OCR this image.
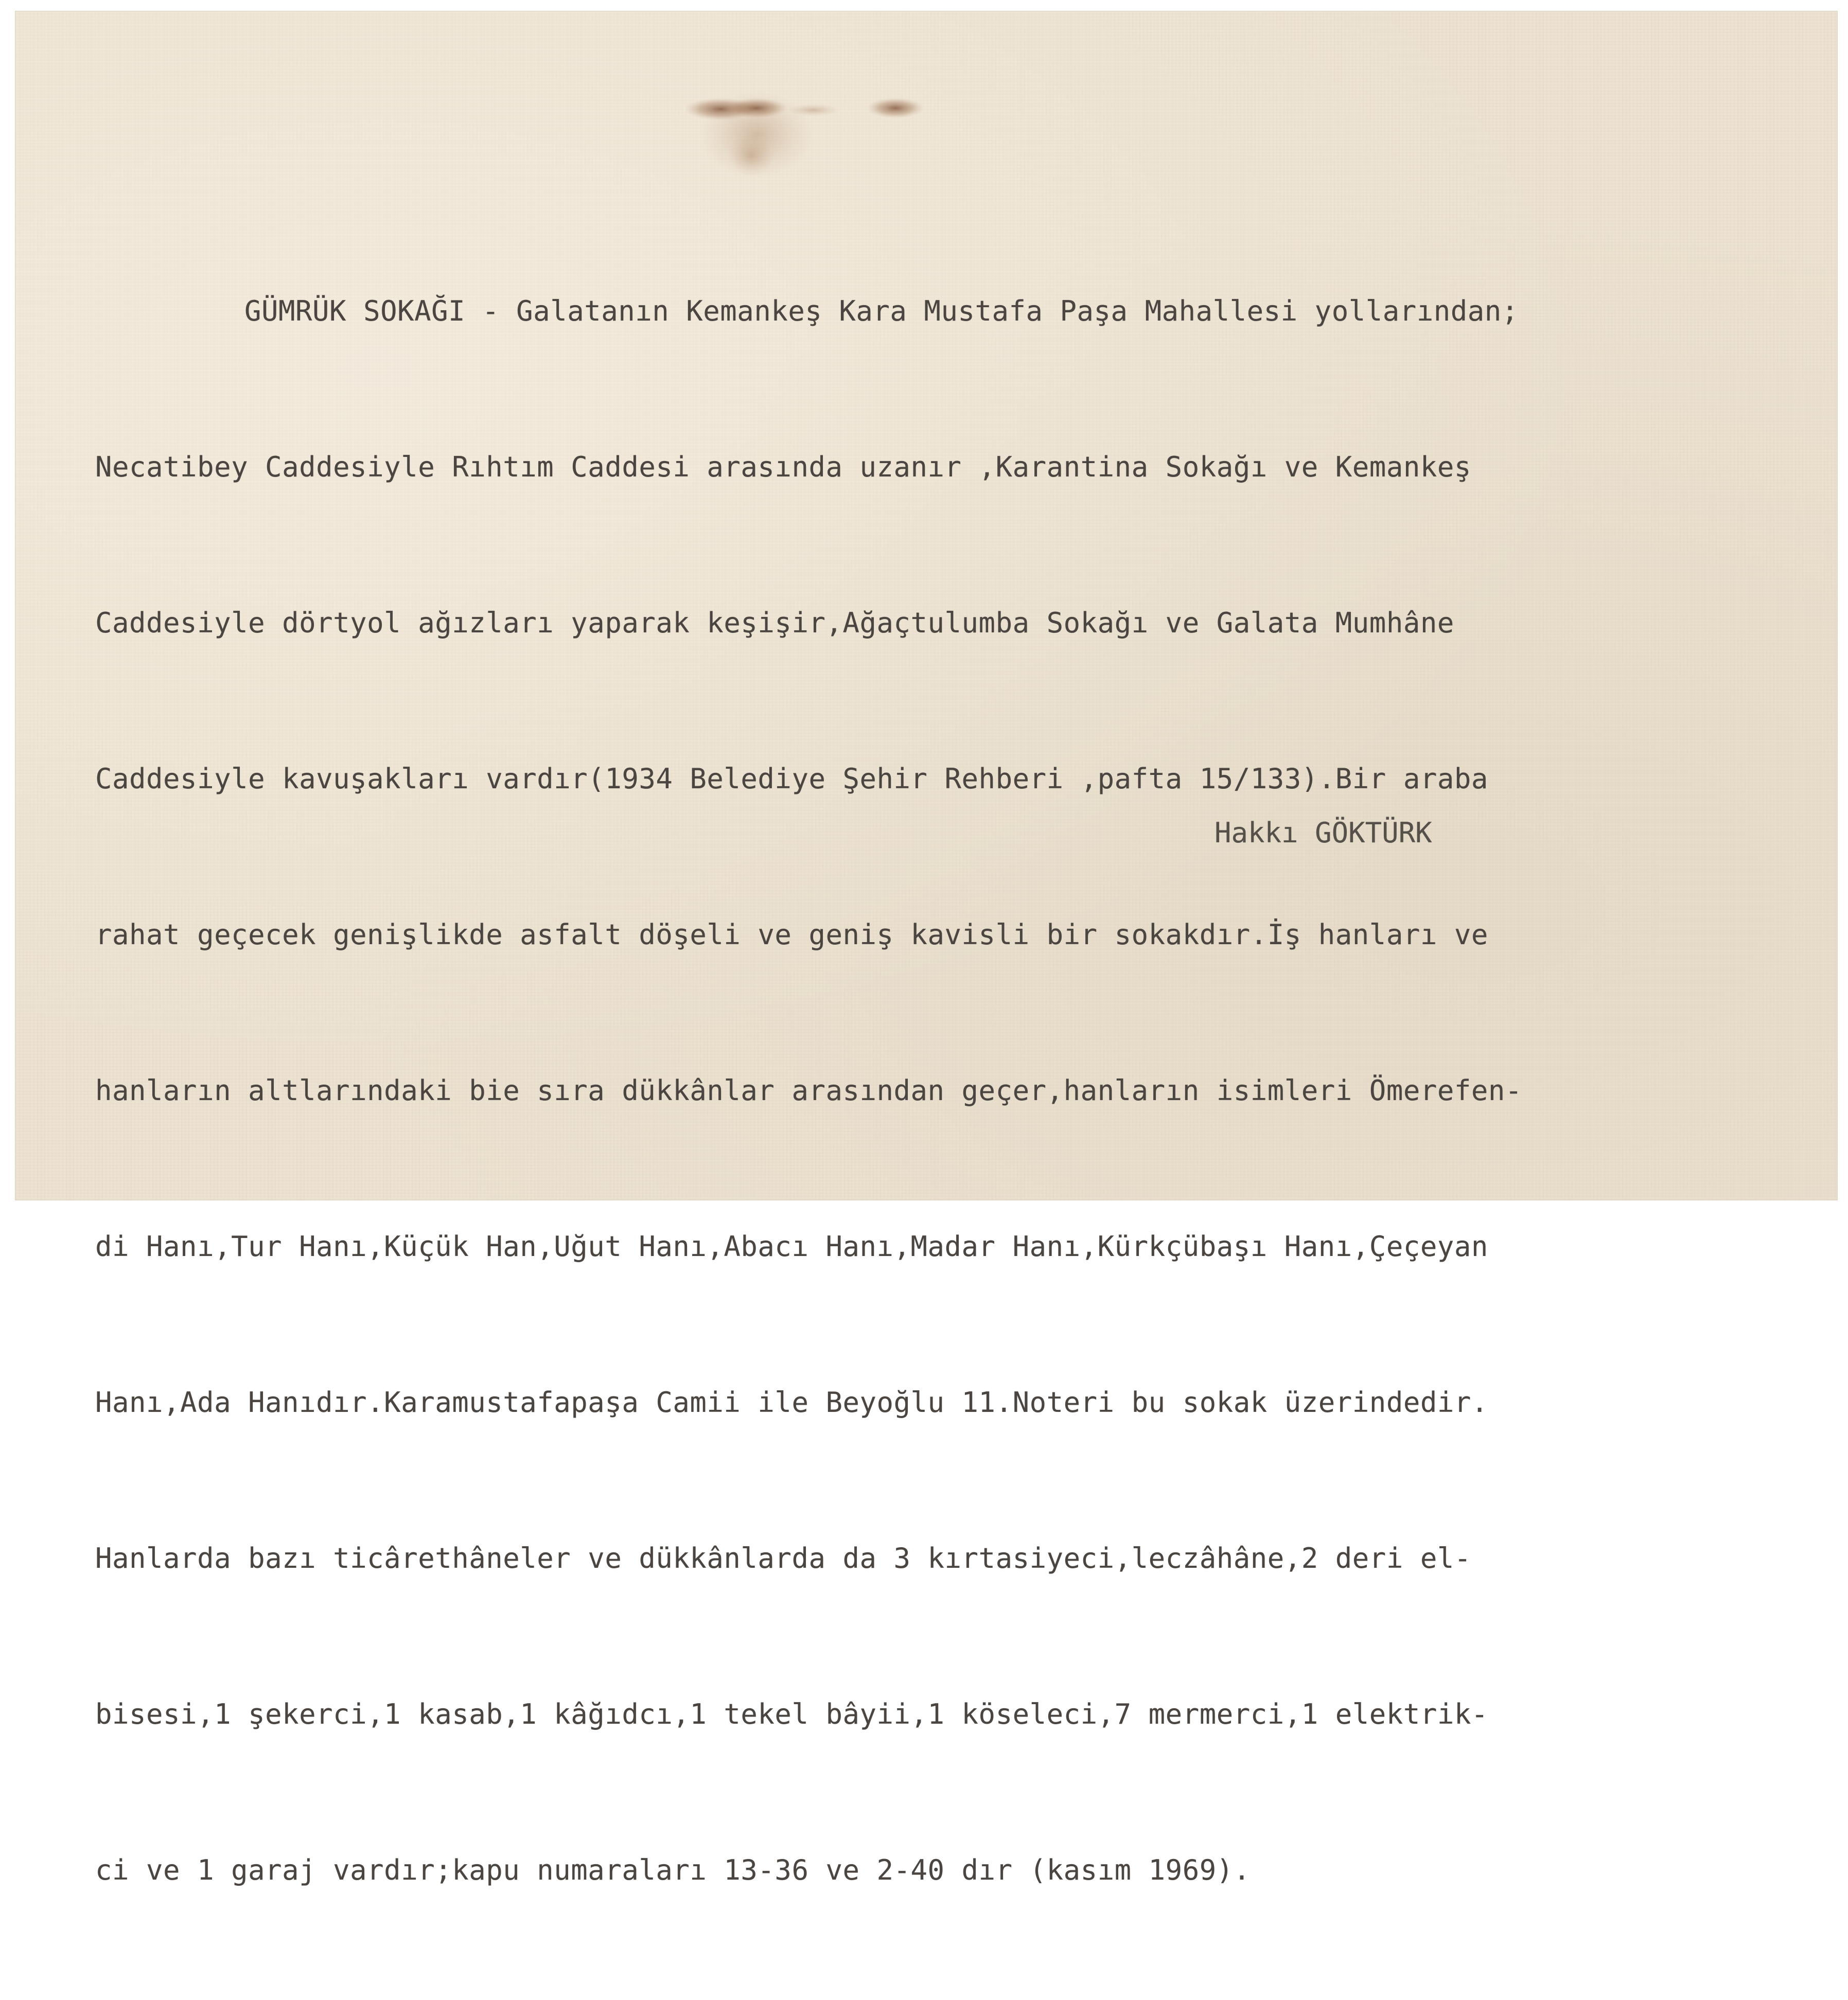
GÜMRÜK SOKAĞI - Galatanın Kemankeş Kara Mustafa Paşa Mahallesi yollarından;

Necatibey Caddesiyle Rıhtım Caddesi arasında uzanır ,Karantina Sokağı ve Kemankeş

Caddesiyle dörtyol ağızları yaparak keşişir,Ağaçtulumba Sokağı ve Galata Mumhâne

Caddesiyle kavuşakları vardır(1934 Belediye Şehir Rehberi ,pafta 15/133).Bir araba

rahat geçecek genişlikde asfalt döşeli ve geniş kavisli bir sokakdır.İş hanları ve

hanların altlarındaki bie sıra dükkânlar arasından geçer,hanların isimleri Ömerefen-

di Hanı,Tur Hanı,Küçük Han,Uğut Hanı,Abacı Hanı,Madar Hanı,Kürkçübaşı Hanı,Çeçeyan

Hanı,Ada Hanıdır.Karamustafapaşa Camii ile Beyoğlu 11.Noteri bu sokak üzerindedir.

Hanlarda bazı ticârethâneler ve dükkânlarda da 3 kırtasiyeci,leczâhâne,2 deri el-

bisesi,1 şekerci,1 kasab,1 kâğıdcı,1 tekel bâyii,1 köseleci,7 mermerci,1 elektrik-

ci ve 1 garaj vardır;kapu numaraları 13-36 ve 2-40 dır (kasım 1969).

Hakkı GÖKTÜRK
